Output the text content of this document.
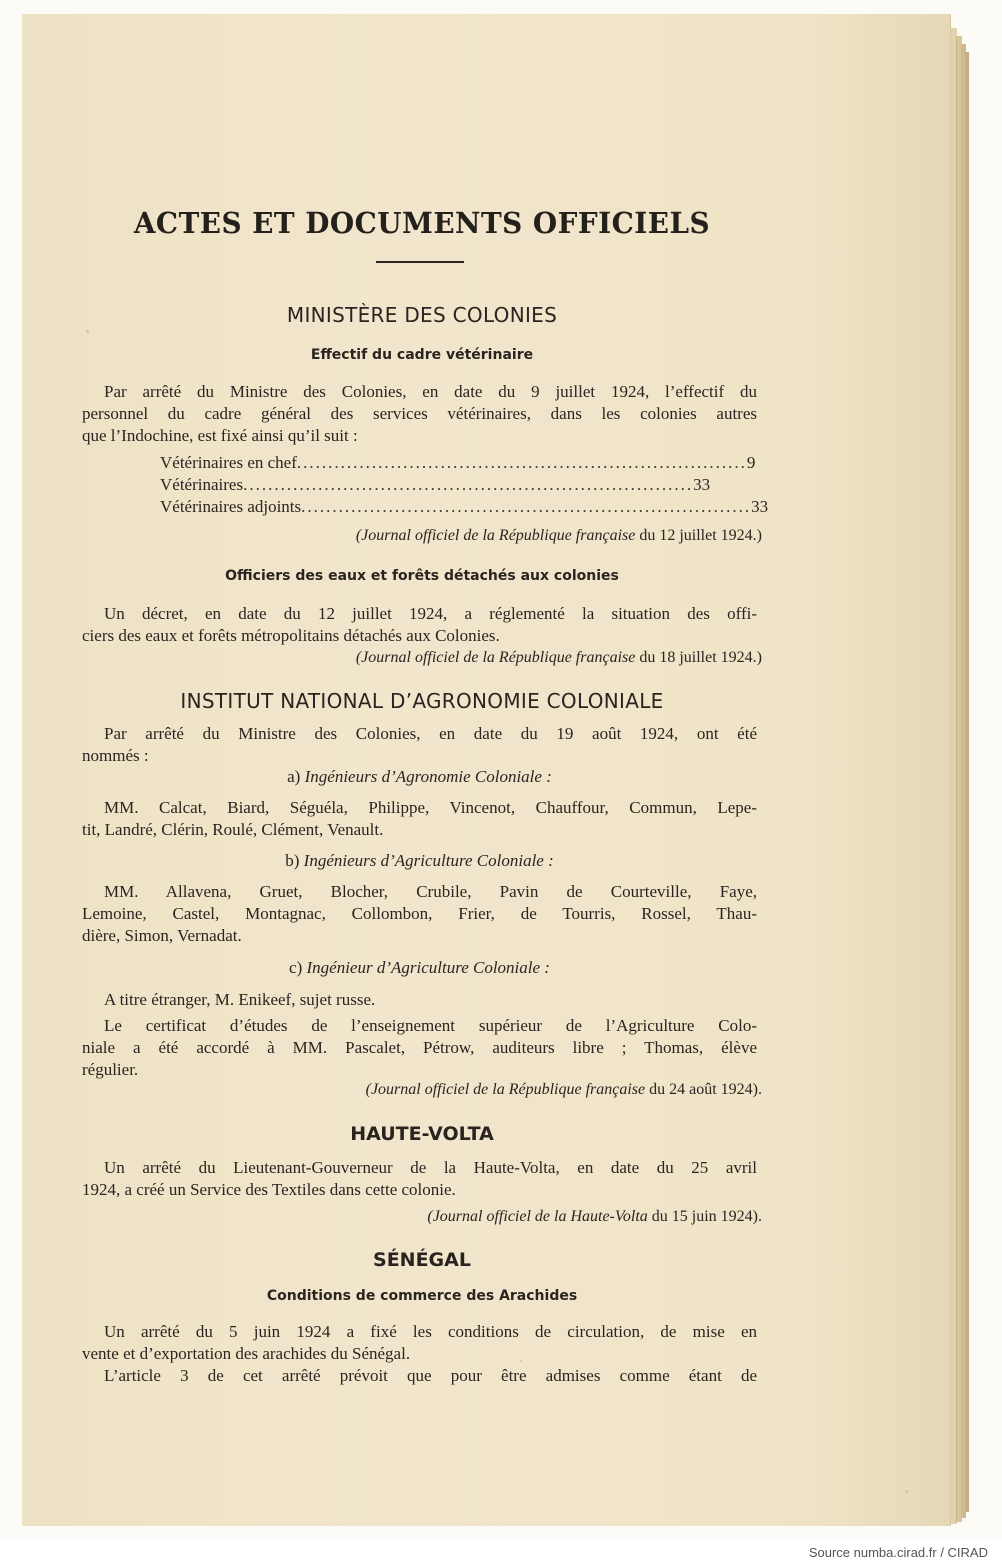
ACTES ET DOCUMENTS OFFICIELS
MINISTÈRE DES COLONIES
Effectif du cadre vétérinaire
Par arrêté du Ministre des Colonies, en date du 9 juillet 1924, l’effectif du
personnel du cadre général des services vétérinaires, dans les colonies autres
que l’Indochine, est fixé ainsi qu’il suit :
Vétérinaires en chef ........................................................................ 9
Vétérinaires ........................................................................ 33
Vétérinaires adjoints ........................................................................ 33
(Journal officiel de la République française du 12 juillet 1924.)
Officiers des eaux et forêts détachés aux colonies
Un décret, en date du 12 juillet 1924, a réglementé la situation des offi-
ciers des eaux et forêts métropolitains détachés aux Colonies.
(Journal officiel de la République française du 18 juillet 1924.)
INSTITUT NATIONAL D’AGRONOMIE COLONIALE
Par arrêté du Ministre des Colonies, en date du 19 août 1924, ont été
nommés :
a) Ingénieurs d’Agronomie Coloniale :
MM. Calcat, Biard, Séguéla, Philippe, Vincenot, Chauffour, Commun, Lepe-
tit, Landré, Clérin, Roulé, Clément, Venault.
b) Ingénieurs d’Agriculture Coloniale :
MM. Allavena, Gruet, Blocher, Crubile, Pavin de Courteville, Faye,
Lemoine, Castel, Montagnac, Collombon, Frier, de Tourris, Rossel, Thau-
dière, Simon, Vernadat.
c) Ingénieur d’Agriculture Coloniale :
A titre étranger, M. Enikeef, sujet russe.
Le certificat d’études de l’enseignement supérieur de l’Agriculture Colo-
niale a été accordé à MM. Pascalet, Pétrow, auditeurs libre ; Thomas, élève
régulier.
(Journal officiel de la République française du 24 août 1924).
HAUTE-VOLTA
Un arrêté du Lieutenant-Gouverneur de la Haute-Volta, en date du 25 avril
1924, a créé un Service des Textiles dans cette colonie.
(Journal officiel de la Haute-Volta du 15 juin 1924).
SÉNÉGAL
Conditions de commerce des Arachides
Un arrêté du 5 juin 1924 a fixé les conditions de circulation, de mise en
vente et d’exportation des arachides du Sénégal.
L’article 3 de cet arrêté prévoit que pour être admises comme étant de
Source numba.cirad.fr / CIRAD
